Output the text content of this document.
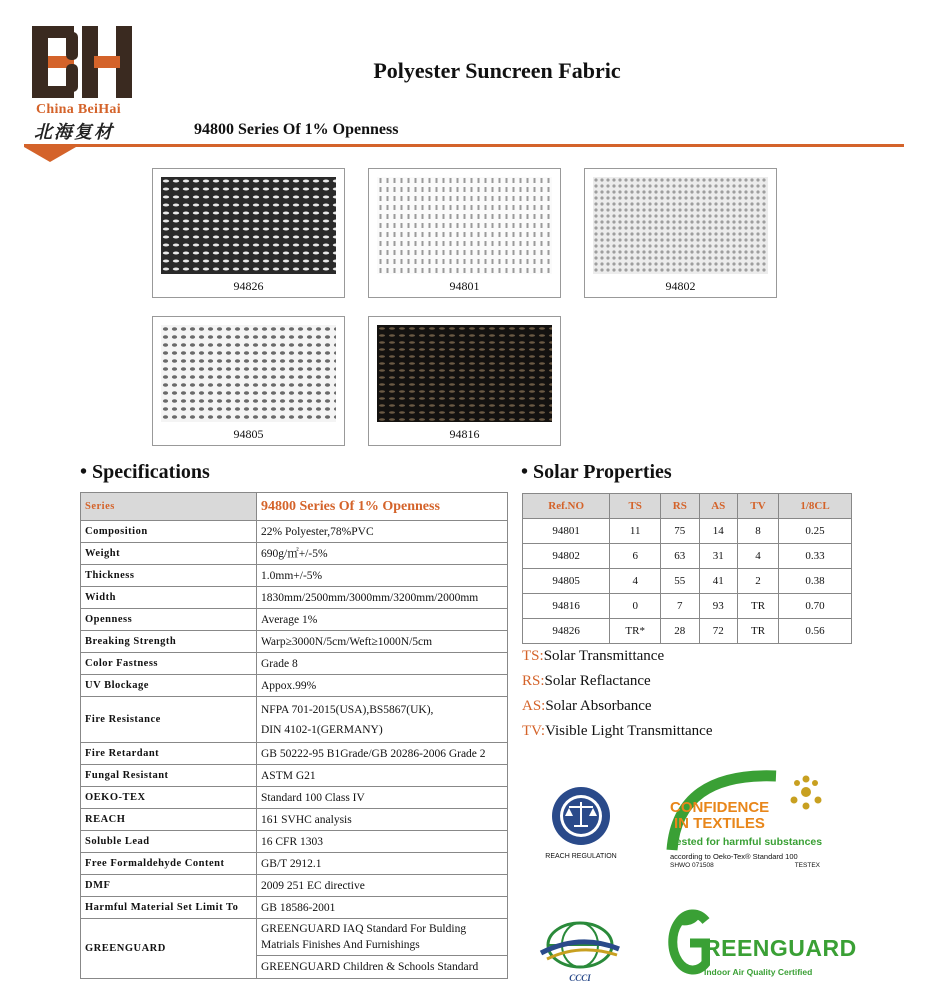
China BeiHai
北海复材
Polyester Suncreen Fabric
94800 Series Of 1% Openness
94826	94801	94802
94805	94816
• Specifications
Series	94800 Series Of 1% Openness
Composition	22% Polyester,78%PVC
Weight	690g/㎡+/-5%
Thickness	1.0mm+/-5%
Width	1830mm/2500mm/3000mm/3200mm/2000mm
Openness	Average 1%
Breaking Strength	Warp≥3000N/5cm/Weft≥1000N/5cm
Color Fastness	Grade 8
UV Blockage	Appox.99%
Fire Resistance	NFPA 701-2015(USA),BS5867(UK),
DIN 4102-1(GERMANY)

Fire Retardant	GB 50222-95 B1Grade/GB 20286-2006 Grade 2
Fungal Resistant	ASTM G21
OEKO-TEX	Standard 100 Class IV
REACH	161 SVHC analysis
Soluble Lead	16 CFR 1303
Free Formaldehyde Content	GB/T 2912.1
DMF	2009 251 EC directive
Harmful Material Set Limit To	GB 18586-2001
GREENGUARD	GREENGUARD IAQ Standard For Bulding Matrials Finishes And Furnishings
GREENGUARD Children & Schools Standard
• Solar Properties
Ref.NO	TS	RS	AS	TV	1/8CL
94801	11	75	14	8	0.25
94802	6	63	31	4	0.33
94805	4	55	41	2	0.38
94816	0	7	93	TR	0.70
94826	TR*	28	72	TR	0.56
TS:Solar Transmittance
RS:Solar Reflactance
AS:Solar Absorbance
TV:Visible Light Transmittance
REACH REGULATION
CONFIDENCE
IN TEXTILES
Tested for harmful substances
according to Oeko-Tex® Standard 100
SHWO 071508	TESTEX
CCCI
REENGUARD
Indoor Air Quality Certified
